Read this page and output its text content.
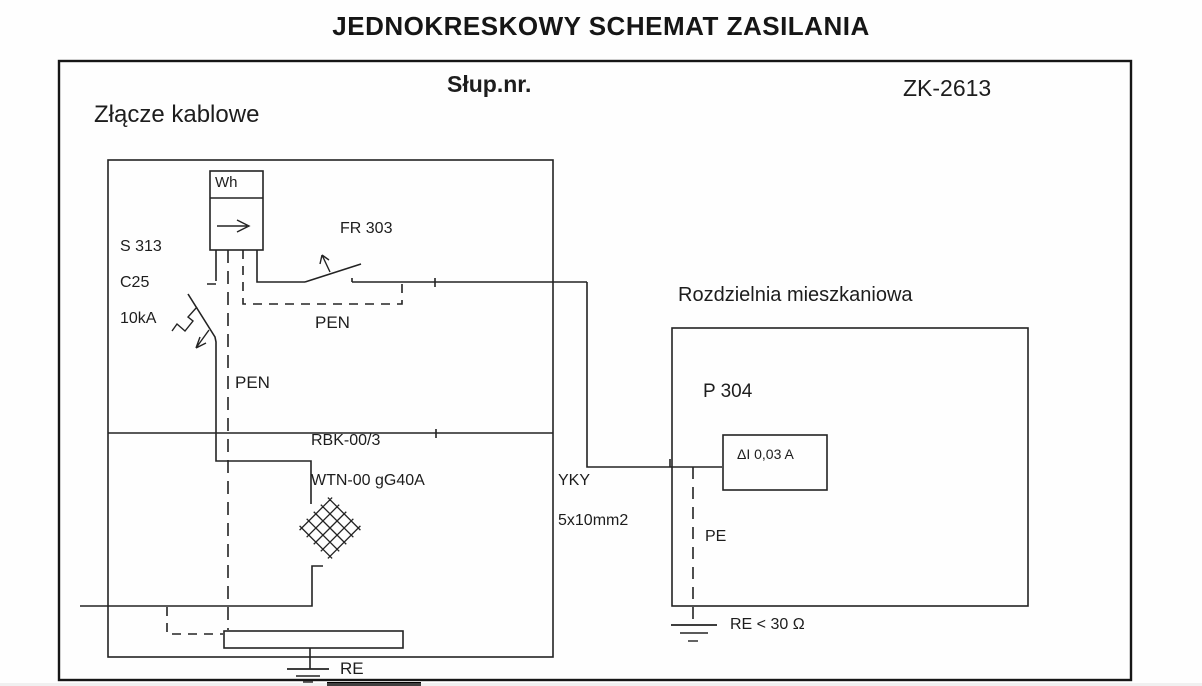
JEDNOKRESKOWY SCHEMAT ZASILANIA
Słup.nr.	ZK-2613
Złącze kablowe
Wh
S 313

C25

10kA
FR 303
PEN
PEN
RBK-00/3

WTN-00 gG40A	YKY

5x10mm2
Rozdzielnia mieszkaniowa
P 304
ΔI 0,03 A
PE
RE < 30 Ω
RE
